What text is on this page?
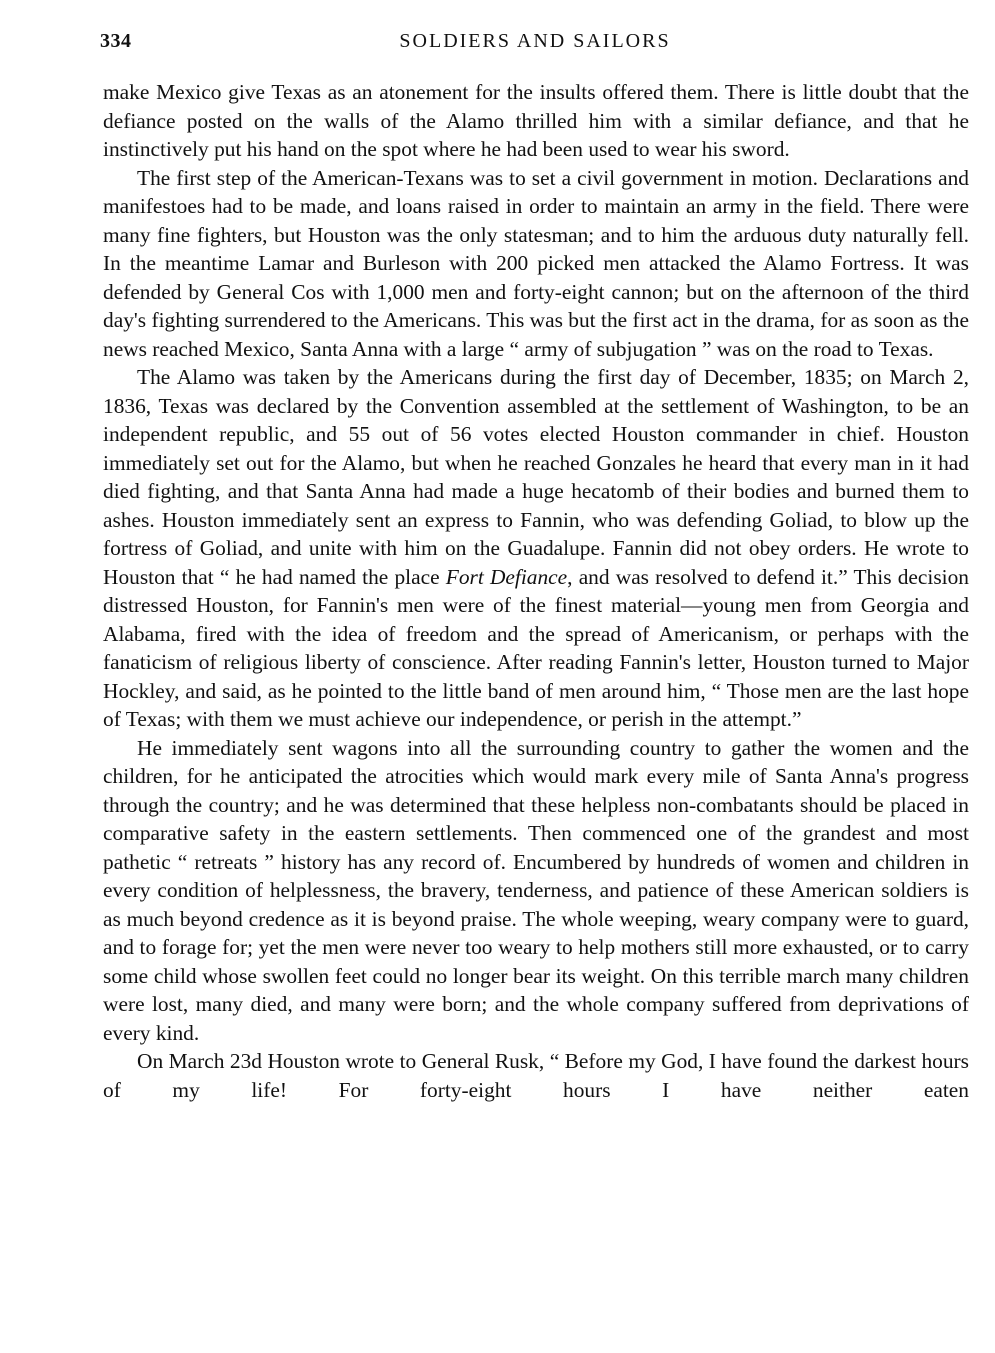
334	SOLDIERS AND SAILORS

make Mexico give Texas as an atonement for the insults offered them. There is little doubt that the defiance posted on the walls of the Alamo thrilled him with a similar defiance, and that he instinctively put his hand on the spot where he had been used to wear his sword.

The first step of the American-Texans was to set a civil government in motion. Declarations and manifestoes had to be made, and loans raised in order to maintain an army in the field. There were many fine fighters, but Houston was the only statesman; and to him the arduous duty naturally fell. In the meantime Lamar and Burleson with 200 picked men attacked the Alamo Fortress. It was defended by General Cos with 1,000 men and forty-eight cannon; but on the afternoon of the third day's fighting surrendered to the Americans. This was but the first act in the drama, for as soon as the news reached Mexico, Santa Anna with a large “ army of subjugation ” was on the road to Texas.

The Alamo was taken by the Americans during the first day of December, 1835; on March 2, 1836, Texas was declared by the Convention assembled at the settlement of Washington, to be an independent republic, and 55 out of 56 votes elected Houston commander in chief. Houston immediately set out for the Alamo, but when he reached Gonzales he heard that every man in it had died fighting, and that Santa Anna had made a huge hecatomb of their bodies and burned them to ashes. Houston immediately sent an express to Fannin, who was defending Goliad, to blow up the fortress of Goliad, and unite with him on the Guadalupe. Fannin did not obey orders. He wrote to Houston that “ he had named the place Fort Defiance, and was resolved to defend it.” This decision distressed Houston, for Fannin's men were of the finest material—young men from Georgia and Alabama, fired with the idea of freedom and the spread of Americanism, or perhaps with the fanaticism of religious liberty of conscience. After reading Fannin's letter, Houston turned to Major Hockley, and said, as he pointed to the little band of men around him, “ Those men are the last hope of Texas; with them we must achieve our independence, or perish in the attempt.”

He immediately sent wagons into all the surrounding country to gather the women and the children, for he anticipated the atrocities which would mark every mile of Santa Anna's progress through the country; and he was determined that these helpless non-combatants should be placed in comparative safety in the eastern settlements. Then commenced one of the grandest and most pathetic “ retreats ” history has any record of. Encumbered by hundreds of women and children in every condition of helplessness, the bravery, tenderness, and patience of these American soldiers is as much beyond credence as it is beyond praise. The whole weeping, weary company were to guard, and to forage for; yet the men were never too weary to help mothers still more exhausted, or to carry some child whose swollen feet could no longer bear its weight. On this terrible march many children were lost, many died, and many were born; and the whole company suffered from deprivations of every kind.

On March 23d Houston wrote to General Rusk, “ Before my God, I have found the darkest hours of my life! For forty-eight hours I have neither eaten
